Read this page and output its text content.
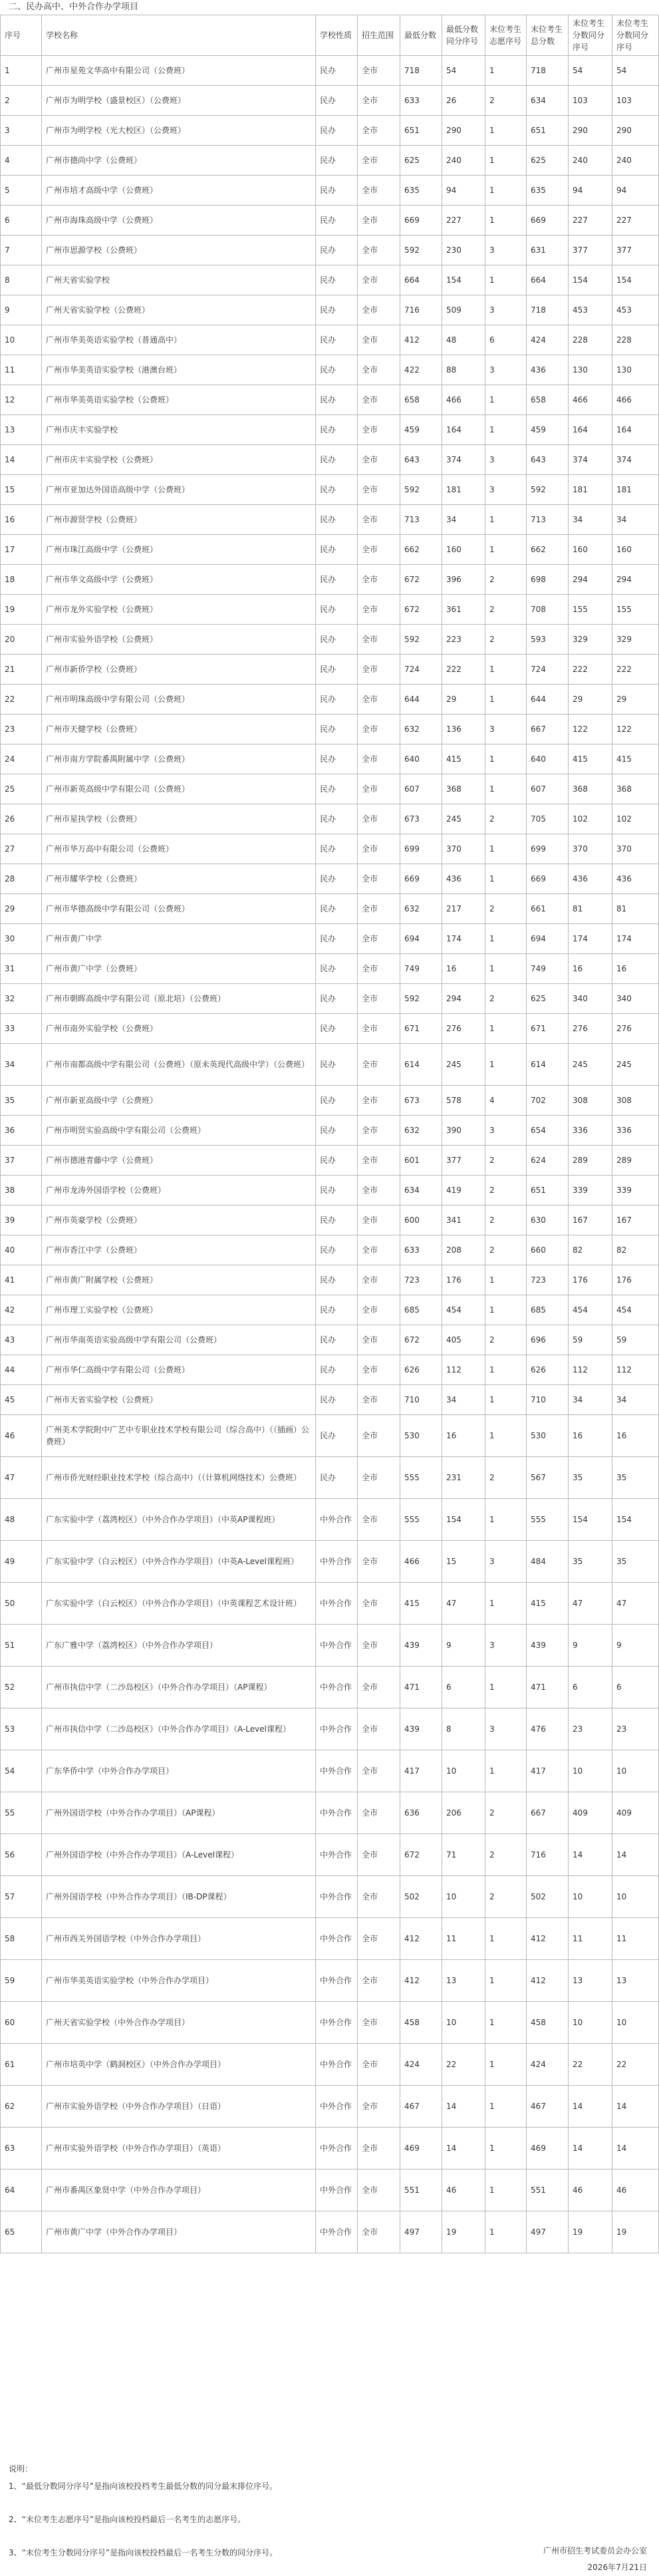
二、民办高中、中外合作办学项目
序号	学校名称	学校性质	招生范围	最低分数	最低分数同分序号	末位考生志愿序号	末位考生总分数	末位考生分数同分序号	末位考生分数同分序号
1	广州市星苑文华高中有限公司（公费班）	民办	全市	718	54	1	718	54	54
2	广州市为明学校（盛景校区）（公费班）	民办	全市	633	26	2	634	103	103
3	广州市为明学校（光大校区）（公费班）	民办	全市	651	290	1	651	290	290
4	广州市德尚中学（公费班）	民办	全市	625	240	1	625	240	240
5	广州市培才高级中学（公费班）	民办	全市	635	94	1	635	94	94
6	广州市海珠高级中学（公费班）	民办	全市	669	227	1	669	227	227
7	广州市思源学校（公费班）	民办	全市	592	230	3	631	377	377
8	广州天省实验学校	民办	全市	664	154	1	664	154	154
9	广州天省实验学校（公费班）	民办	全市	716	509	3	718	453	453
10	广州市华美英语实验学校（普通高中）	民办	全市	412	48	6	424	228	228
11	广州市华美英语实验学校（港澳台班）	民办	全市	422	88	3	436	130	130
12	广州市华美英语实验学校（公费班）	民办	全市	658	466	1	658	466	466
13	广州市庆丰实验学校	民办	全市	459	164	1	459	164	164
14	广州市庆丰实验学校（公费班）	民办	全市	643	374	3	643	374	374
15	广州市亚加达外国语高级中学（公费班）	民办	全市	592	181	3	592	181	181
16	广州市源贤学校（公费班）	民办	全市	713	34	1	713	34	34
17	广州市珠江高级中学（公费班）	民办	全市	662	160	1	662	160	160
18	广州市华文高级中学（公费班）	民办	全市	672	396	2	698	294	294
19	广州市龙外实验学校（公费班）	民办	全市	672	361	2	708	155	155
20	广州市实验外语学校（公费班）	民办	全市	592	223	2	593	329	329
21	广州市新侨学校（公费班）	民办	全市	724	222	1	724	222	222
22	广州市明珠高级中学有限公司（公费班）	民办	全市	644	29	1	644	29	29
23	广州市天健学校（公费班）	民办	全市	632	136	3	667	122	122
24	广州市南方学院番禺附属中学（公费班）	民办	全市	640	415	1	640	415	415
25	广州市新英高级中学有限公司（公费班）	民办	全市	607	368	1	607	368	368
26	广州市星执学校（公费班）	民办	全市	673	245	2	705	102	102
27	广州市华万高中有限公司（公费班）	民办	全市	699	370	1	699	370	370
28	广州市耀华学校（公费班）	民办	全市	669	436	1	669	436	436
29	广州市华德高级中学有限公司（公费班）	民办	全市	632	217	2	661	81	81
30	广州市黄广中学	民办	全市	694	174	1	694	174	174
31	广州市黄广中学（公费班）	民办	全市	749	16	1	749	16	16
32	广州市朝晖高级中学有限公司（原北培）（公费班）	民办	全市	592	294	2	625	340	340
33	广州市南外实验学校（公费班）	民办	全市	671	276	1	671	276	276
34	广州市南都高级中学有限公司（公费班）（原未英现代高级中学）（公费班）	民办	全市	614	245	1	614	245	245
35	广州市新亚高级中学（公费班）	民办	全市	673	578	4	702	308	308
36	广州市明贤实验高级中学有限公司（公费班）	民办	全市	632	390	3	654	336	336
37	广州市德港青藤中学（公费班）	民办	全市	601	377	2	624	289	289
38	广州市龙涛外国语学校（公费班）	民办	全市	634	419	2	651	339	339
39	广州市英豪学校（公费班）	民办	全市	600	341	2	630	167	167
40	广州市香江中学（公费班）	民办	全市	633	208	2	660	82	82
41	广州市黄广附属学校（公费班）	民办	全市	723	176	1	723	176	176
42	广州市理工实验学校（公费班）	民办	全市	685	454	1	685	454	454
43	广州市华南英语实验高级中学有限公司（公费班）	民办	全市	672	405	2	696	59	59
44	广州市华仁高级中学有限公司（公费班）	民办	全市	626	112	1	626	112	112
45	广州市天省实验学校（公费班）	民办	全市	710	34	1	710	34	34
46	广州美术学院附中广艺中专职业技术学校有限公司（综合高中）（（插画）公费班）	民办	全市	530	16	1	530	16	16
47	广州市侨光财经职业技术学校（综合高中）（（计算机网络技术）公费班）	民办	全市	555	231	2	567	35	35
48	广东实验中学（荔湾校区）（中外合作办学项目）（中英AP课程班）	中外合作	全市	555	154	1	555	154	154
49	广东实验中学（白云校区）（中外合作办学项目）（中英A-Level课程班）	中外合作	全市	466	15	3	484	35	35
50	广东实验中学（白云校区）（中外合作办学项目）（中英课程艺术设计班）	中外合作	全市	415	47	1	415	47	47
51	广东广雅中学（荔湾校区）（中外合作办学项目）	中外合作	全市	439	9	3	439	9	9
52	广州市执信中学（二沙岛校区）（中外合作办学项目）（AP课程）	中外合作	全市	471	6	1	471	6	6
53	广州市执信中学（二沙岛校区）（中外合作办学项目）（A-Level课程）	中外合作	全市	439	8	3	476	23	23
54	广东华侨中学（中外合作办学项目）	中外合作	全市	417	10	1	417	10	10
55	广州外国语学校（中外合作办学项目）（AP课程）	中外合作	全市	636	206	2	667	409	409
56	广州外国语学校（中外合作办学项目）（A-Level课程）	中外合作	全市	672	71	2	716	14	14
57	广州外国语学校（中外合作办学项目）（IB-DP课程）	中外合作	全市	502	10	2	502	10	10
58	广州市西关外国语学校（中外合作办学项目）	中外合作	全市	412	11	1	412	11	11
59	广州市华美英语实验学校（中外合作办学项目）	中外合作	全市	412	13	1	412	13	13
60	广州天省实验学校（中外合作办学项目）	中外合作	全市	458	10	1	458	10	10
61	广州市培英中学（鹤洞校区）（中外合作办学项目）	中外合作	全市	424	22	1	424	22	22
62	广州市实验外语学校（中外合作办学项目）（日语）	中外合作	全市	467	14	1	467	14	14
63	广州市实验外语学校（中外合作办学项目）（英语）	中外合作	全市	469	14	1	469	14	14
64	广州市番禺区象贤中学（中外合作办学项目）	中外合作	全市	551	46	1	551	46	46
65	广州市黄广中学（中外合作办学项目）	中外合作	全市	497	19	1	497	19	19
说明：
1、“最低分数同分序号”是指向该校投档考生最低分数的同分最末排位序号。
2、“末位考生志愿序号”是指向该校投档最后一名考生的志愿序号。
3、“末位考生分数同分序号”是指向该校投档最后一名考生分数的同分序号。	广州市招生考试委员会办公室
2026年7月21日
